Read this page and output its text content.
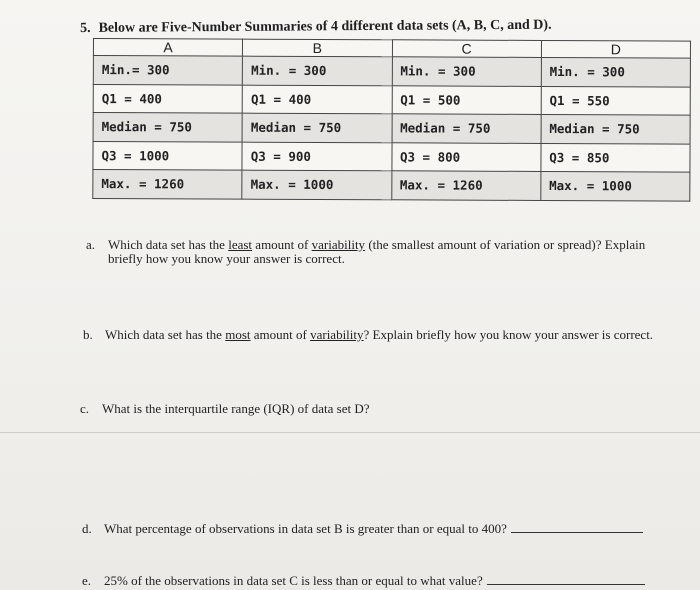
5. Below are Five-Number Summaries of 4 different data sets (A, B, C, and D).
A	B	C	D
Min.= 300	Min. = 300	Min. = 300	Min. = 300
Q1 = 400	Q1 = 400	Q1 = 500	Q1 = 550
Median = 750	Median = 750	Median = 750	Median = 750
Q3 = 1000	Q3 = 900	Q3 = 800	Q3 = 850
Max. = 1260	Max. = 1000	Max. = 1260	Max. = 1000
a. Which data set has the least amount of variability (the smallest amount of variation or spread)? Explain
briefly how you know your answer is correct.
b. Which data set has the most amount of variability? Explain briefly how you know your answer is correct.
c. What is the interquartile range (IQR) of data set D?
d. What percentage of observations in data set B is greater than or equal to 400?
e. 25% of the observations in data set C is less than or equal to what value?
